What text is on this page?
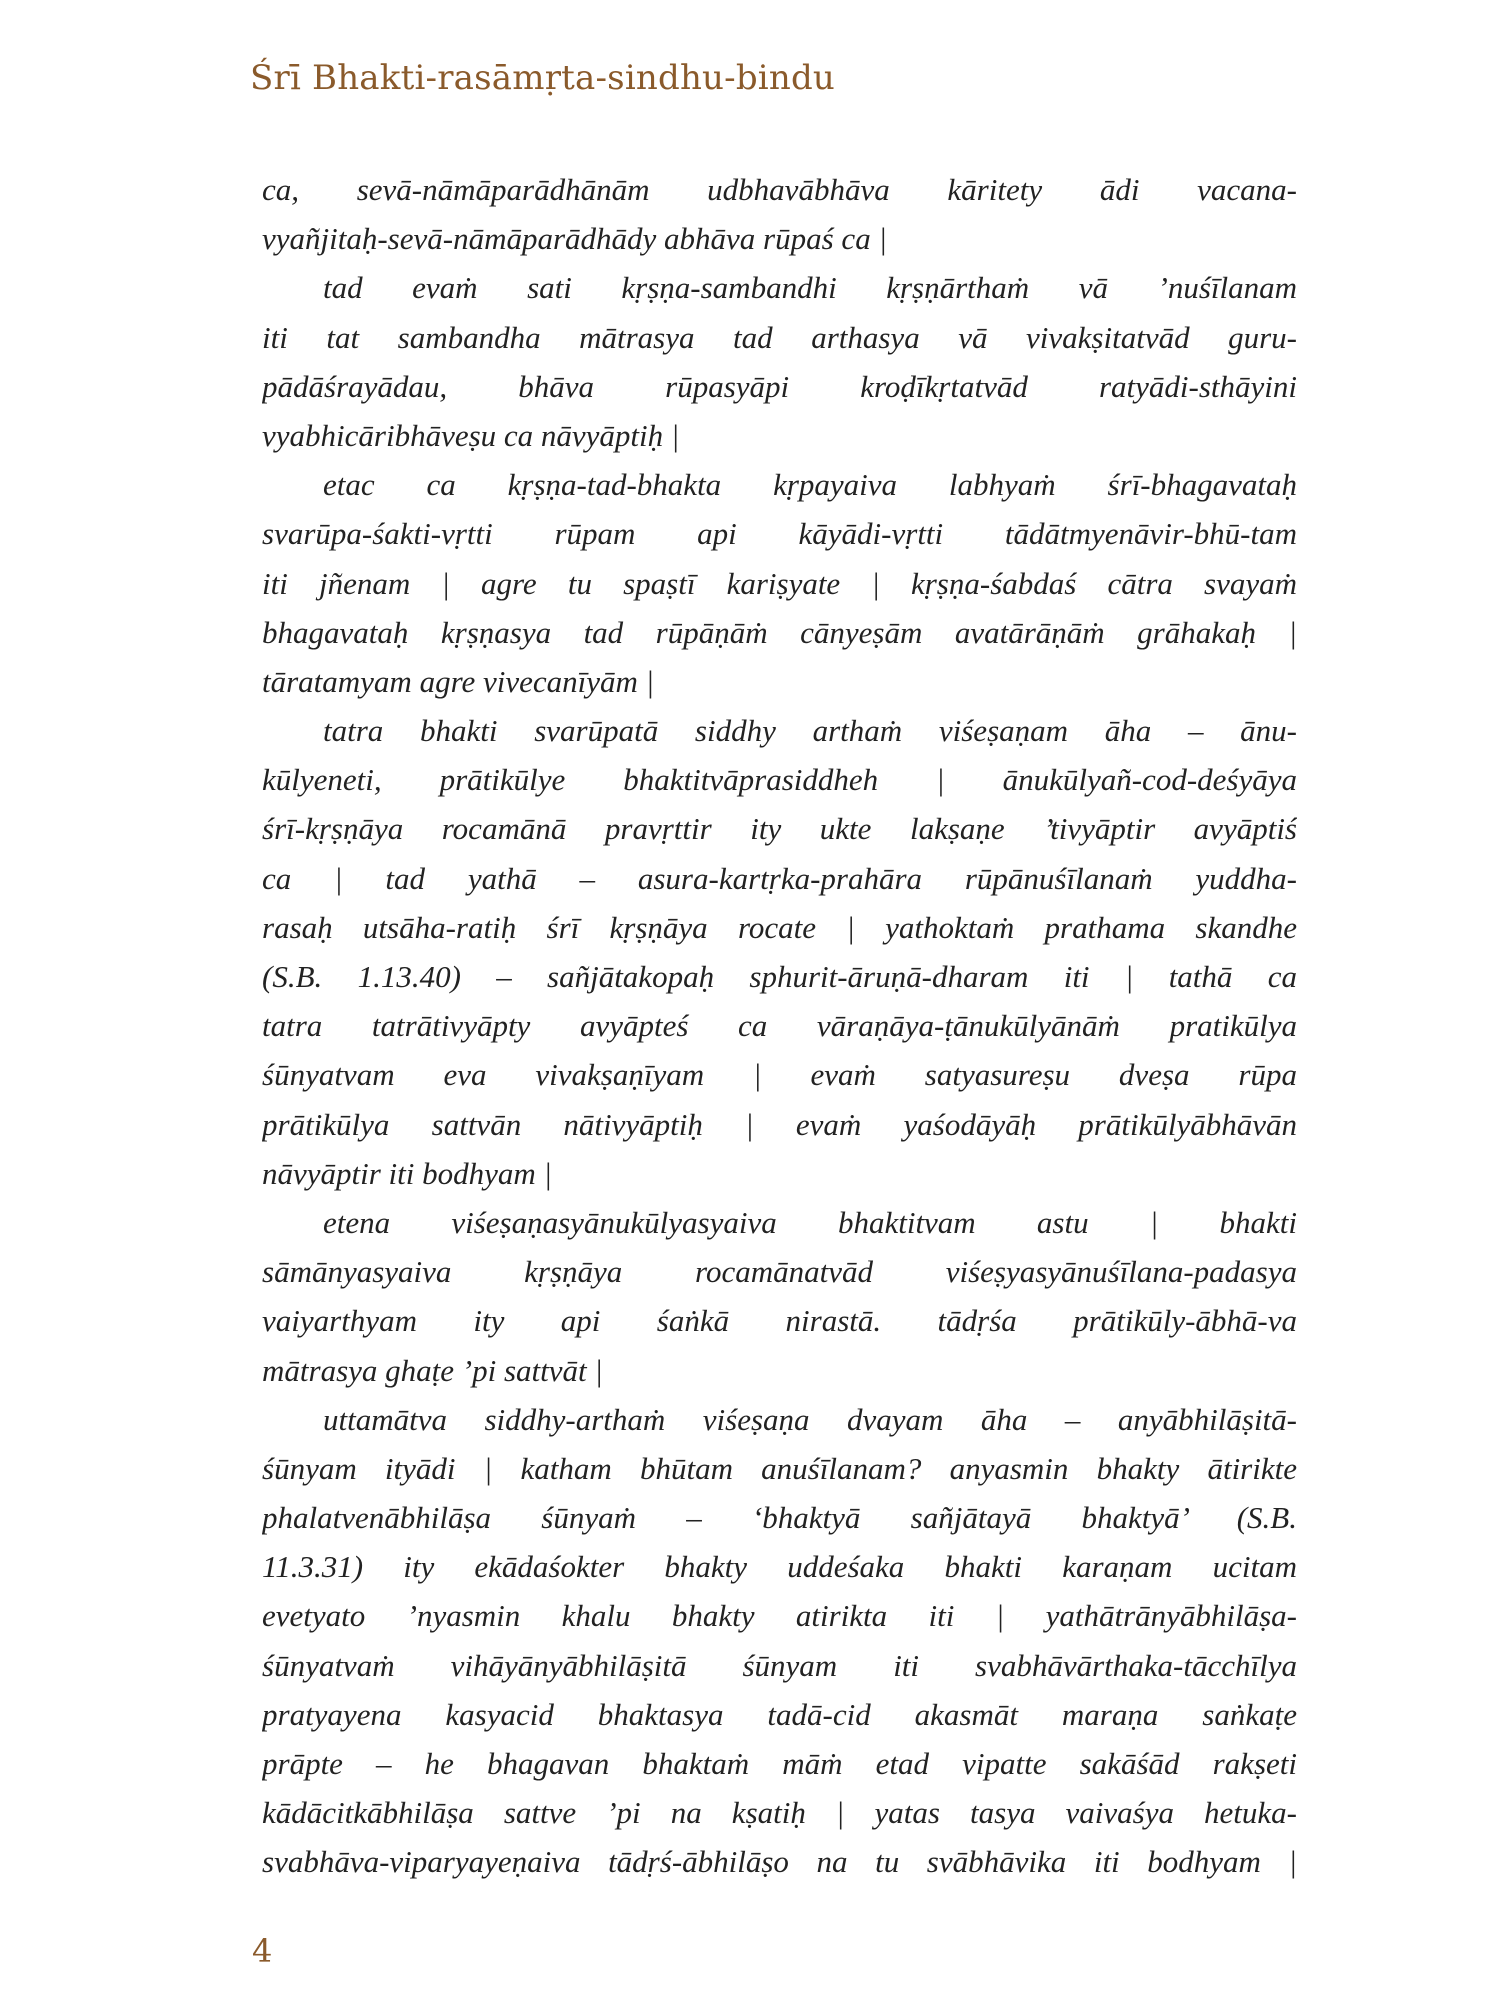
Śrī Bhakti-rasāmṛta-sindhu-bindu
ca, sevā-nāmāparādhānām udbhavābhāva kāritety ādi vacana-
vyañjitaḥ-sevā-nāmāparādhādy abhāva rūpaś ca |
tad evaṁ sati kṛṣṇa-sambandhi kṛṣṇārthaṁ vā ’nuśīlanam
iti tat sambandha mātrasya tad arthasya vā vivakṣitatvād guru-
pādāśrayādau, bhāva rūpasyāpi kroḍīkṛtatvād ratyādi-sthāyini
vyabhicāribhāveṣu ca nāvyāptiḥ |
etac ca kṛṣṇa-tad-bhakta kṛpayaiva labhyaṁ śrī-bhagavataḥ
svarūpa-śakti-vṛtti rūpam api kāyādi-vṛtti tādātmyenāvir-bhū-tam
iti jñenam | agre tu spaṣtī kariṣyate | kṛṣṇa-śabdaś cātra svayaṁ
bhagavataḥ kṛṣṇasya tad rūpāṇāṁ cānyeṣām avatārāṇāṁ grāhakaḥ |
tāratamyam agre vivecanīyām |
tatra bhakti svarūpatā siddhy arthaṁ viśeṣaṇam āha – ānu-
kūlyeneti, prātikūlye bhaktitvāprasiddheh | ānukūlyañ-cod-deśyāya
śrī-kṛṣṇāya rocamānā pravṛttir ity ukte lakṣaṇe ’tivyāptir avyāptiś
ca | tad yathā – asura-kartṛka-prahāra rūpānuśīlanaṁ yuddha-
rasaḥ utsāha-ratiḥ śrī kṛṣṇāya rocate | yathoktaṁ prathama skandhe
(S.B. 1.13.40) – sañjātakopaḥ sphurit-āruṇā-dharam iti | tathā ca
tatra tatrātivyāpty avyāpteś ca vāraṇāya-ṭānukūlyānāṁ pratikūlya
śūnyatvam eva vivakṣaṇīyam | evaṁ satyasureṣu dveṣa rūpa
prātikūlya sattvān nātivyāptiḥ | evaṁ yaśodāyāḥ prātikūlyābhāvān
nāvyāptir iti bodhyam |
etena viśeṣaṇasyānukūlyasyaiva bhaktitvam astu | bhakti
sāmānyasyaiva kṛṣṇāya rocamānatvād viśeṣyasyānuśīlana-padasya
vaiyarthyam ity api śaṅkā nirastā. tādṛśa prātikūly-ābhā-va
mātrasya ghaṭe ’pi sattvāt |
uttamātva siddhy-arthaṁ viśeṣaṇa dvayam āha – anyābhilāṣitā-
śūnyam ityādi | katham bhūtam anuśīlanam? anyasmin bhakty ātirikte
phalatvenābhilāṣa śūnyaṁ – ‘bhaktyā sañjātayā bhaktyā’ (S.B.
11.3.31) ity ekādaśokter bhakty uddeśaka bhakti karaṇam ucitam
evetyato ’nyasmin khalu bhakty atirikta iti | yathātrānyābhilāṣa-
śūnyatvaṁ vihāyānyābhilāṣitā śūnyam iti svabhāvārthaka-tācchīlya
pratyayena kasyacid bhaktasya tadā-cid akasmāt maraṇa saṅkaṭe
prāpte – he bhagavan bhaktaṁ māṁ etad vipatte sakāśād rakṣeti
kādācitkābhilāṣa sattve ’pi na kṣatiḥ | yatas tasya vaivaśya hetuka-
svabhāva-viparyayeṇaiva tādṛś-ābhilāṣo na tu svābhāvika iti bodhyam |
4
